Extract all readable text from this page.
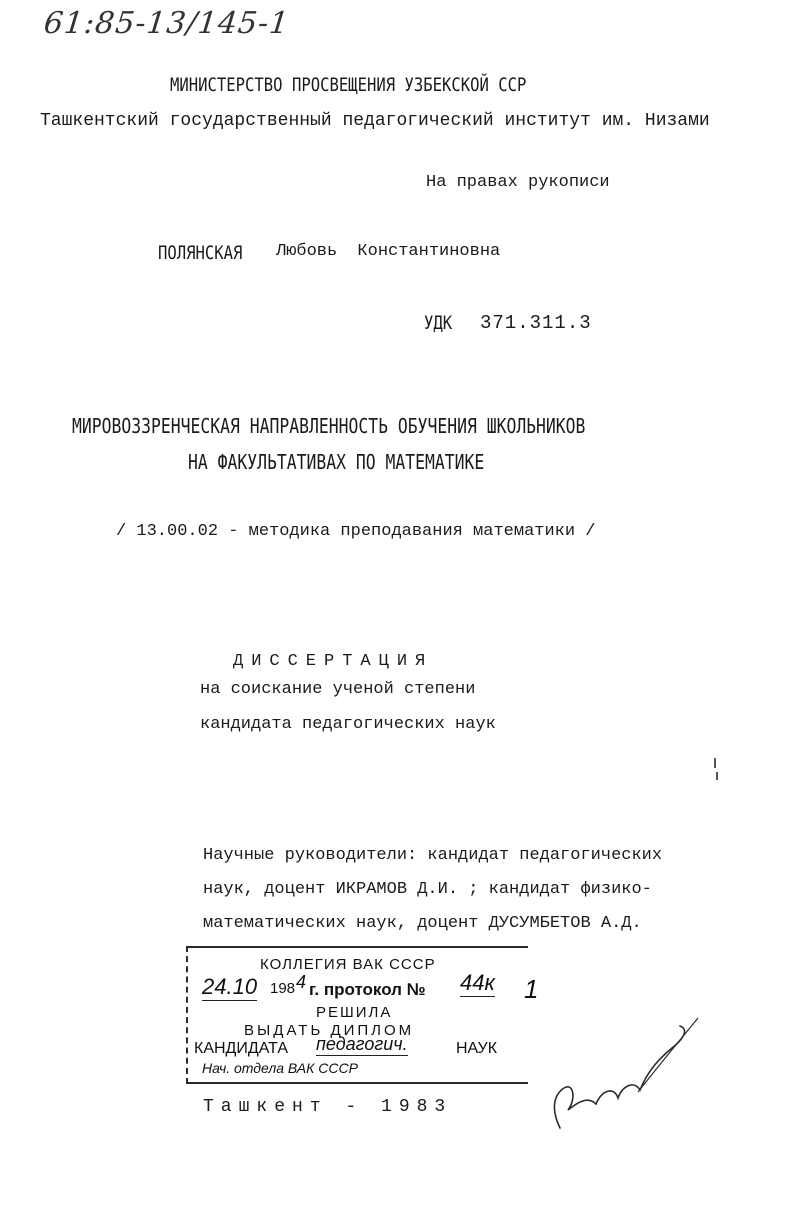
61:85-13/145-1
МИНИСТЕРСТВО ПРОСВЕЩЕНИЯ УЗБЕКСКОЙ ССР
Ташкентский государственный педагогический институт им. Низами
На правах рукописи
ПОЛЯНСКАЯ Любовь Константиновна
УДК 371.311.3
МИРОВОЗЗРЕНЧЕСКАЯ НАПРАВЛЕННОСТЬ ОБУЧЕНИЯ ШКОЛЬНИКОВ
НА ФАКУЛЬТАТИВАХ ПО МАТЕМАТИКЕ
/ 13.00.02 - методика преподавания математики /
ДИССЕРТАЦИЯ
на соискание ученой степени
кандидата педагогических наук
Научные руководители: кандидат педагогических
наук, доцент ИКРАМОВ Д.И. ; кандидат физико-
математических наук, доцент ДУСУМБЕТОВ А.Д.
КОЛЛЕГИЯ ВАК СССР
24.10 198 4 г. протокол № 44к 1
РЕШИЛА
ВЫДАТЬ ДИПЛОМ
КАНДИДАТА педагогич.	НАУК
Нач. отдела ВАК СССР
Ташкент - 1983
